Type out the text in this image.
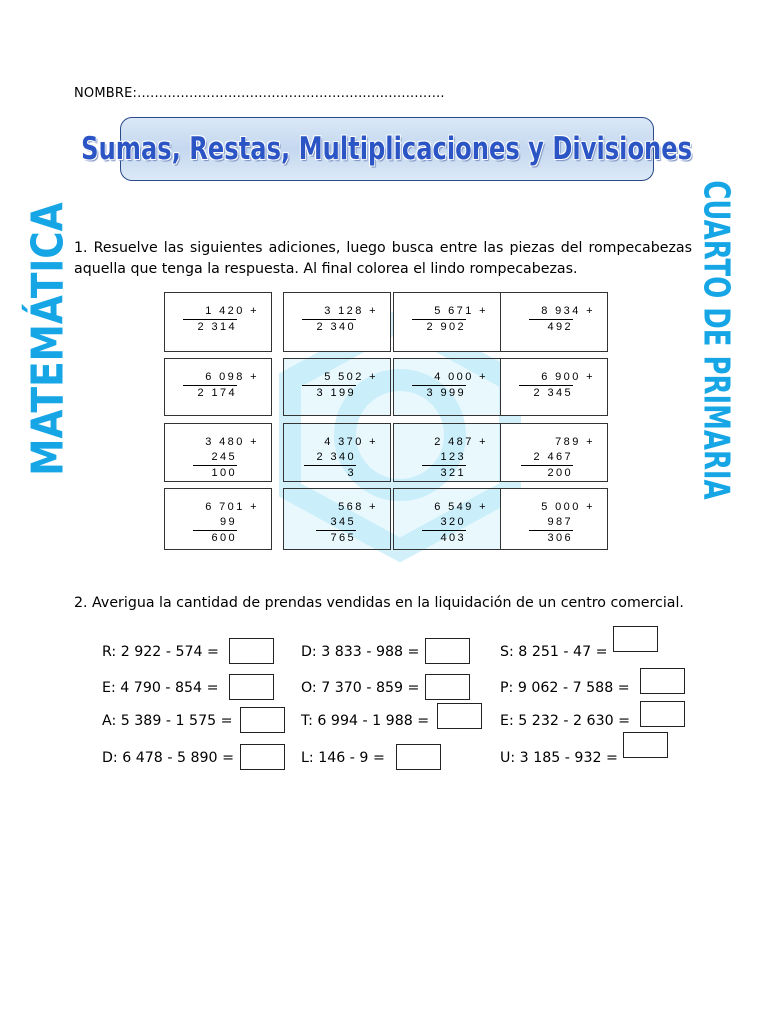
NOMBRE:.......................................................................
Sumas, Restas, Multiplicaciones y Divisiones
MATEMÁTICA	CUARTO DE PRIMARIA
1. Resuelve las siguientes adiciones, luego busca entre las piezas del rompecabezas aquella que tenga la respuesta. Al final colorea el lindo rompecabezas.
1 420 +
2 314
3 128 +
2 340
5 671 +
2 902
8 934 +
492
6 098 +
2 174
5 502 +
3 199
4 000 +
3 999
6 900 +
2 345
3 480 +
245
100
4 370 +
2 340
3
2 487 +
123
321
789 +
2 467
200
6 701 +
99
600
568 +
345
765
6 549 +
320
403
5 000 +
987
306
2. Averigua la cantidad de prendas vendidas en la liquidación de un centro comercial.
R: 2 922 - 574 =	D: 3 833 - 988 =	S: 8 251 - 47 =
E: 4 790 - 854 =	O: 7 370 - 859 =	P: 9 062 - 7 588 =
A: 5 389 - 1 575 =	T: 6 994 - 1 988 =	E: 5 232 - 2 630 =
D: 6 478 - 5 890 =	L: 146 - 9 =	U: 3 185 - 932 =
